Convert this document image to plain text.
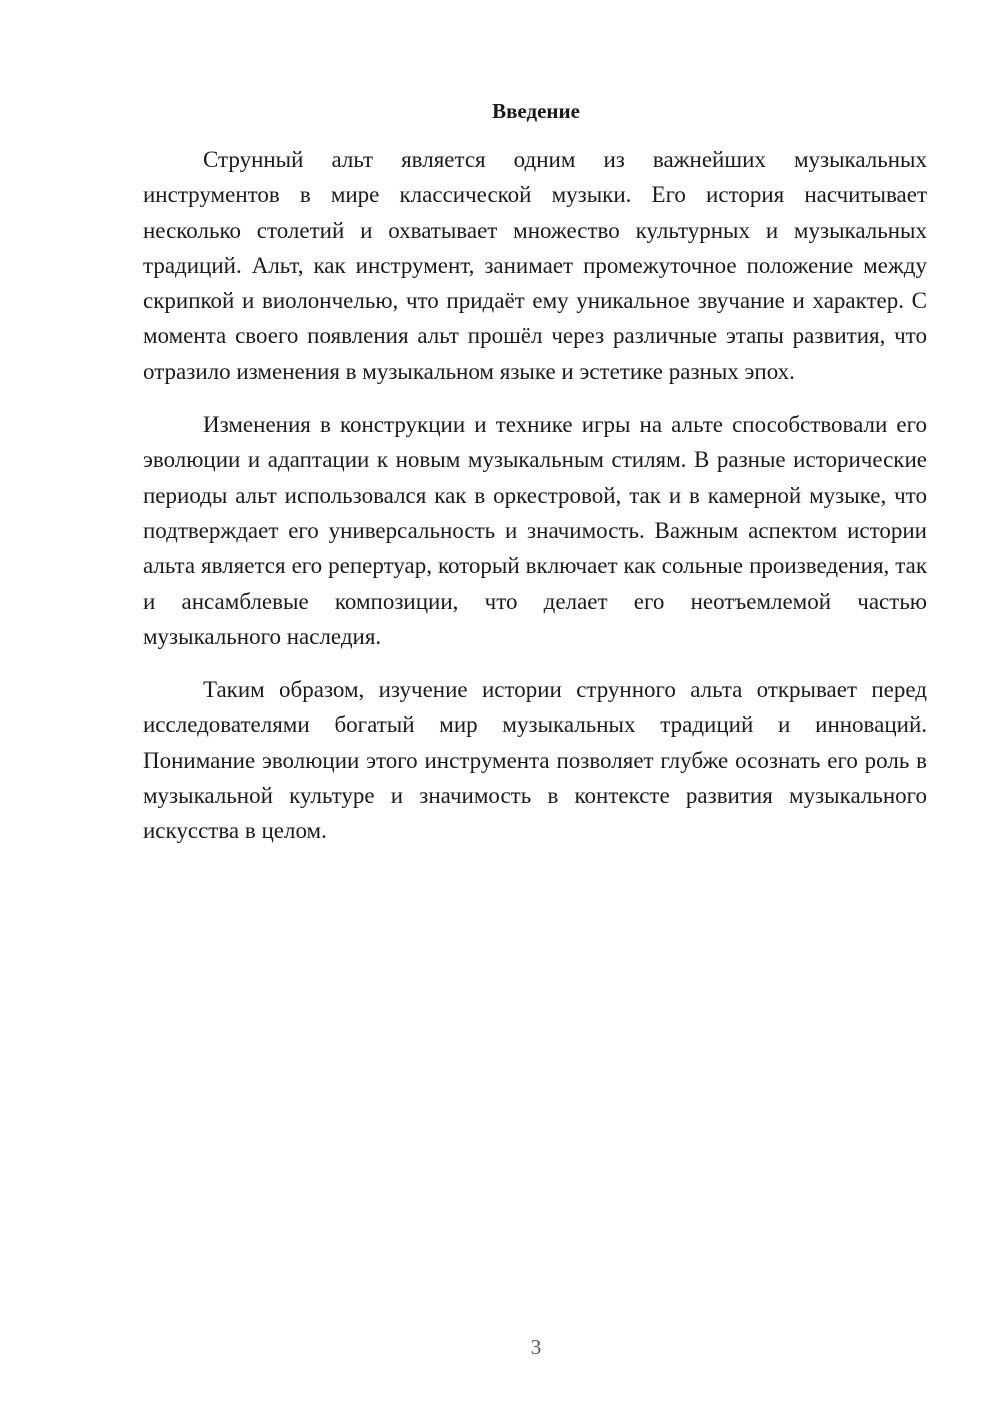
Введение

Струнный альт является одним из важнейших музыкальных инструментов в мире классической музыки. Его история насчитывает несколько столетий и охватывает множество культурных и музыкальных традиций. Альт, как инструмент, занимает промежуточное положение между скрипкой и виолончелью, что придаёт ему уникальное звучание и характер. С момента своего появления альт прошёл через различные этапы развития, что отразило изменения в музыкальном языке и эстетике разных эпох.

Изменения в конструкции и технике игры на альте способствовали его эволюции и адаптации к новым музыкальным стилям. В разные исторические периоды альт использовался как в оркестровой, так и в камерной музыке, что подтверждает его универсальность и значимость. Важным аспектом истории альта является его репертуар, который включает как сольные произведения, так и ансамблевые композиции, что делает его неотъемлемой частью музыкального наследия.

Таким образом, изучение истории струнного альта открывает перед исследователями богатый мир музыкальных традиций и инноваций. Понимание эволюции этого инструмента позволяет глубже осознать его роль в музыкальной культуре и значимость в контексте развития музыкального искусства в целом.

3
